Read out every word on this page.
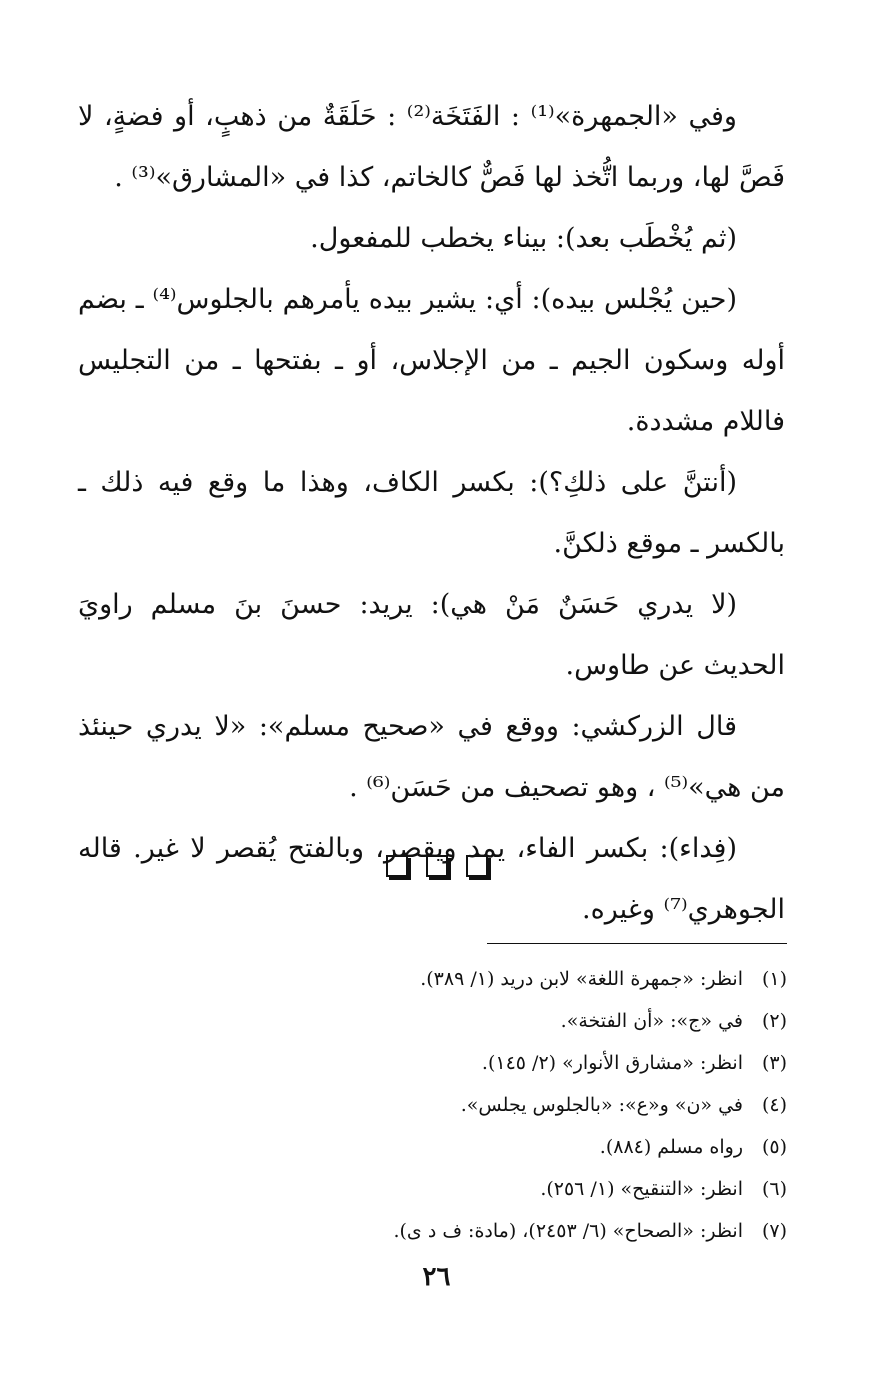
وفي «الجمهرة»⁽¹⁾ : الفَتَخَة⁽²⁾ : حَلَقَةٌ من ذهبٍ، أو فضةٍ، لا فَصَّ لها، وربما اتُّخذ لها فَصٌّ كالخاتم، كذا في «المشارق»⁽³⁾ .

(ثم يُخْطَب بعد): بيناء يخطب للمفعول.

(حين يُجْلس بيده): أي: يشير بيده يأمرهم بالجلوس⁽⁴⁾ ـ بضم أوله وسكون الجيم ـ من الإجلاس، أو ـ بفتحها ـ من التجليس فاللام مشددة.

(أنتنَّ على ذلكِ؟): بكسر الكاف، وهذا ما وقع فيه ذلك ـ بالكسر ـ موقع ذلكنَّ.

(لا يدري حَسَنٌ مَنْ هي): يريد: حسنَ بنَ مسلم راويَ الحديث عن طاوس.

قال الزركشي: ووقع في «صحيح مسلم»: «لا يدري حينئذ من هي»⁽⁵⁾ ، وهو تصحيف من حَسَن⁽⁶⁾ .

(فِداء): بكسر الفاء، يمد ويقصر، وبالفتح يُقصر لا غير. قاله الجوهري⁽⁷⁾ وغيره.

(١)
انظر: «جمهرة اللغة» لابن دريد (١/ ٣٨٩).
(٢)
في «ج»: «أن الفتخة».
(٣)
انظر: «مشارق الأنوار» (٢/ ١٤٥).
(٤)
في «ن» و«ع»: «بالجلوس يجلس».
(٥)
رواه مسلم (٨٨٤).
(٦)
انظر: «التنقيح» (١/ ٢٥٦).
(٧)
انظر: «الصحاح» (٦/ ٢٤٥٣)، (مادة: ف د ى).
٢٦
